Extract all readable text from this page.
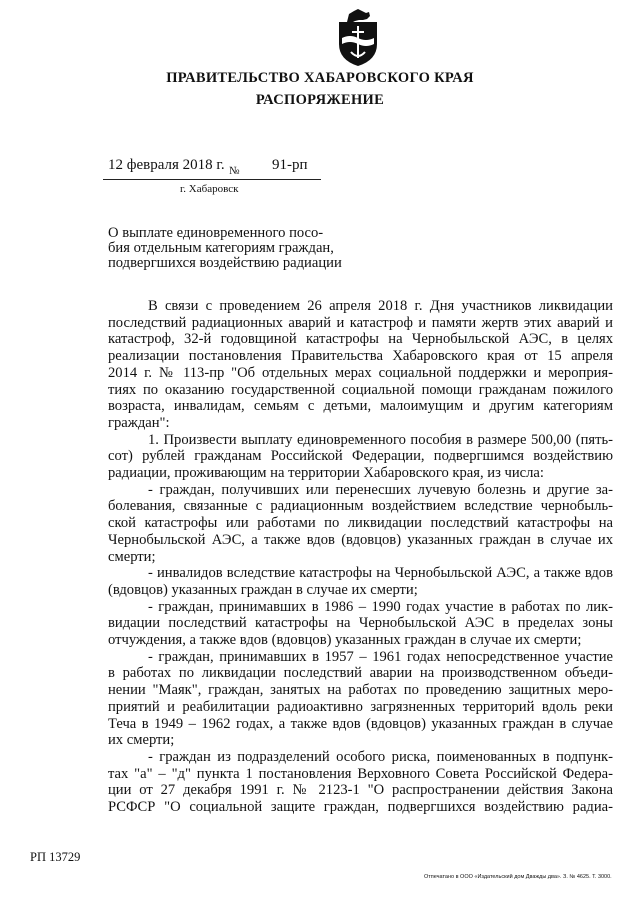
ПРАВИТЕЛЬСТВО ХАБАРОВСКОГО КРАЯ
РАСПОРЯЖЕНИЕ
12 февраля 2018 г. № 91-рп
г. Хабаровск
О выплате единовременного посо-
бия отдельным категориям граждан,
подвергшихся воздействию радиации
В связи с проведением 26 апреля 2018 г. Дня участников ликвидации
последствий радиационных аварий и катастроф и памяти жертв этих аварий и
катастроф, 32-й годовщиной катастрофы на Чернобыльской АЭС, в целях
реализации постановления Правительства Хабаровского края от 15 апреля
2014 г. № 113-пр "Об отдельных мерах социальной поддержки и мероприя-
тиях по оказанию государственной социальной помощи гражданам пожилого
возраста, инвалидам, семьям с детьми, малоимущим и другим категориям
граждан":
1. Произвести выплату единовременного пособия в размере 500,00 (пять-
сот) рублей гражданам Российской Федерации, подвергшимся воздействию
радиации, проживающим на территории Хабаровского края, из числа:
- граждан, получивших или перенесших лучевую болезнь и другие за-
болевания, связанные с радиационным воздействием вследствие чернобыль-
ской катастрофы или работами по ликвидации последствий катастрофы на
Чернобыльской АЭС, а также вдов (вдовцов) указанных граждан в случае их
смерти;
- инвалидов вследствие катастрофы на Чернобыльской АЭС, а также вдов
(вдовцов) указанных граждан в случае их смерти;
- граждан, принимавших в 1986 – 1990 годах участие в работах по лик-
видации последствий катастрофы на Чернобыльской АЭС в пределах зоны
отчуждения, а также вдов (вдовцов) указанных граждан в случае их смерти;
- граждан, принимавших в 1957 – 1961 годах непосредственное участие
в работах по ликвидации последствий аварии на производственном объеди-
нении "Маяк", граждан, занятых на работах по проведению защитных меро-
приятий и реабилитации радиоактивно загрязненных территорий вдоль реки
Теча в 1949 – 1962 годах, а также вдов (вдовцов) указанных граждан в случае
их смерти;
- граждан из подразделений особого риска, поименованных в подпунк-
тах "а" – "д" пункта 1 постановления Верховного Совета Российской Федера-
ции от 27 декабря 1991 г. № 2123-1 "О распространении действия Закона
РСФСР "О социальной защите граждан, подвергшихся воздействию радиа-
РП 13729
Отпечатано в ООО «Издательский дом Дважды два». З. № 4625. Т. 3000.
